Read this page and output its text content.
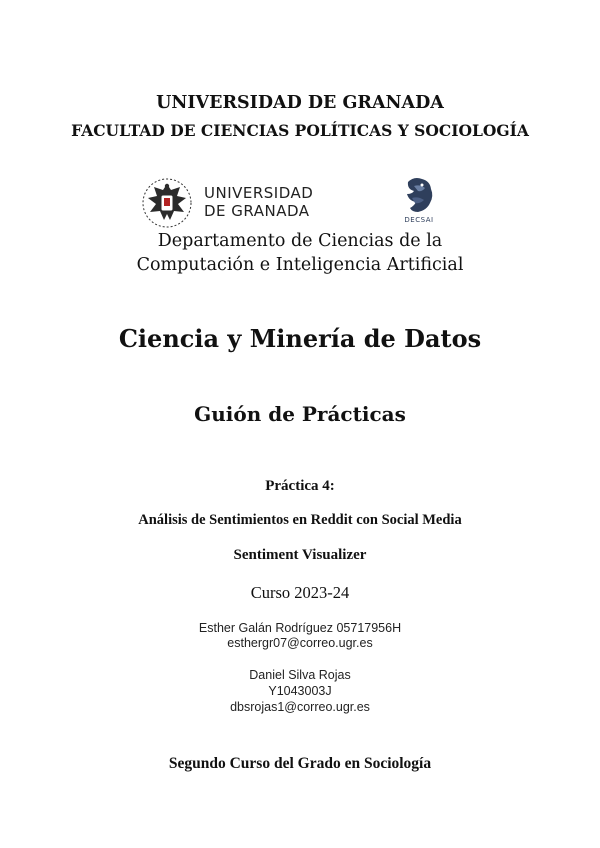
UNIVERSIDAD DE GRANADA
FACULTAD DE CIENCIAS POLÍTICAS Y SOCIOLOGÍA
UNIVERSIDAD
DE GRANADA	DECSAI
Departamento de Ciencias de la
Computación e Inteligencia Artificial
Ciencia y Minería de Datos
Guión de Prácticas
Práctica 4:
Análisis de Sentimientos en Reddit con Social Media
Sentiment Visualizer
Curso 2023-24
Esther Galán Rodríguez 05717956H
esthergr07@correo.ugr.es
Daniel Silva Rojas
Y1043003J
dbsrojas1@correo.ugr.es
Segundo Curso del Grado en Sociología
